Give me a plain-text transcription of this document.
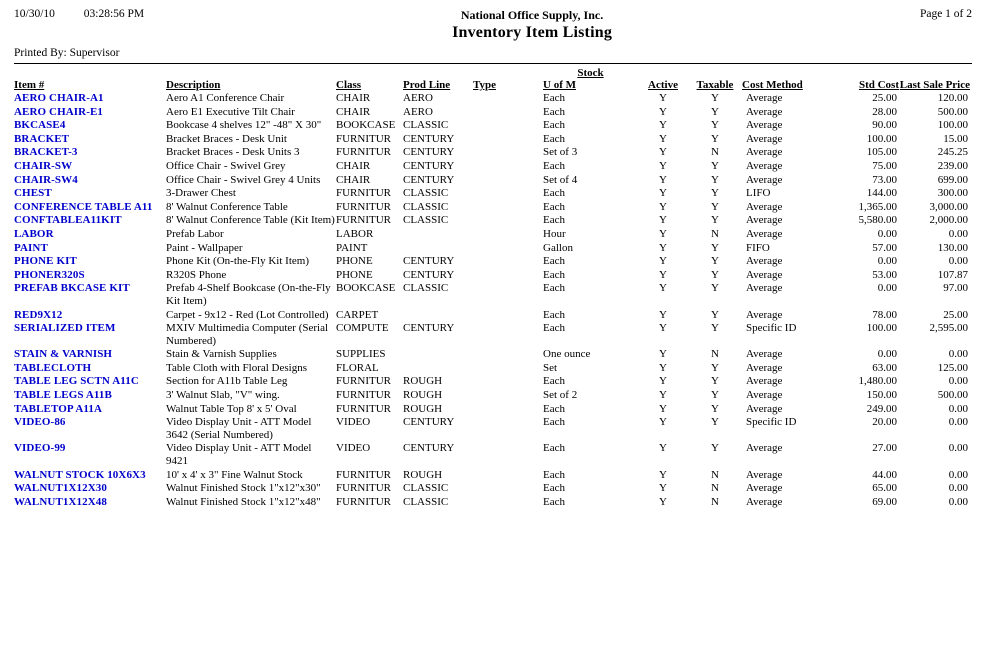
10/30/10	03:28:56 PM	National Office Supply, Inc.
Inventory Item Listing
Page 1 of 2
Printed By: Supervisor
					Stock					
Item #	Description	Class	Prod Line	Type	U of M	Active	Taxable	Cost Method	Std Cost	Last Sale Price
AERO CHAIR-A1	Aero A1 Conference Chair	CHAIR	AERO		Each	Y	Y	Average	25.00	120.00
AERO CHAIR-E1	Aero E1 Executive Tilt Chair	CHAIR	AERO		Each	Y	Y	Average	28.00	500.00
BKCASE4	Bookcase 4 shelves 12" -48" X 30"	BOOKCASE	CLASSIC		Each	Y	Y	Average	90.00	100.00
BRACKET	Bracket Braces - Desk Unit	FURNITUR	CENTURY		Each	Y	Y	Average	100.00	15.00
BRACKET-3	Bracket Braces - Desk Units 3	FURNITUR	CENTURY		Set of 3	Y	N	Average	105.00	245.25
CHAIR-SW	Office Chair - Swivel Grey	CHAIR	CENTURY		Each	Y	Y	Average	75.00	239.00
CHAIR-SW4	Office Chair - Swivel Grey 4 Units	CHAIR	CENTURY		Set of 4	Y	Y	Average	73.00	699.00
CHEST	3-Drawer Chest	FURNITUR	CLASSIC		Each	Y	Y	LIFO	144.00	300.00
CONFERENCE TABLE A11	8' Walnut Conference Table	FURNITUR	CLASSIC		Each	Y	Y	Average	1,365.00	3,000.00
CONFTABLEA11KIT	8' Walnut Conference Table (Kit Item)	FURNITUR	CLASSIC		Each	Y	Y	Average	5,580.00	2,000.00
LABOR	Prefab Labor	LABOR			Hour	Y	N	Average	0.00	0.00
PAINT	Paint - Wallpaper	PAINT			Gallon	Y	Y	FIFO	57.00	130.00
PHONE KIT	Phone Kit (On-the-Fly Kit Item)	PHONE	CENTURY		Each	Y	Y	Average	0.00	0.00
PHONER320S	R320S Phone	PHONE	CENTURY		Each	Y	Y	Average	53.00	107.87
PREFAB BKCASE KIT	Prefab 4-Shelf Bookcase (On-the-Fly Kit Item)	BOOKCASE	CLASSIC		Each	Y	Y	Average	0.00	97.00
RED9X12	Carpet - 9x12 - Red (Lot Controlled)	CARPET			Each	Y	Y	Average	78.00	25.00
SERIALIZED ITEM	MXIV Multimedia Computer (Serial Numbered)	COMPUTE	CENTURY		Each	Y	Y	Specific ID	100.00	2,595.00
STAIN & VARNISH	Stain & Varnish Supplies	SUPPLIES			One ounce	Y	N	Average	0.00	0.00
TABLECLOTH	Table Cloth with Floral Designs	FLORAL			Set	Y	Y	Average	63.00	125.00
TABLE LEG SCTN A11C	Section for A11b Table Leg	FURNITUR	ROUGH		Each	Y	Y	Average	1,480.00	0.00
TABLE LEGS A11B	3' Walnut Slab, "V" wing.	FURNITUR	ROUGH		Set of 2	Y	Y	Average	150.00	500.00
TABLETOP A11A	Walnut Table Top 8' x 5' Oval	FURNITUR	ROUGH		Each	Y	Y	Average	249.00	0.00
VIDEO-86	Video Display Unit - ATT Model 3642 (Serial Numbered)	VIDEO	CENTURY		Each	Y	Y	Specific ID	20.00	0.00
VIDEO-99	Video Display Unit - ATT Model 9421	VIDEO	CENTURY		Each	Y	Y	Average	27.00	0.00
WALNUT STOCK 10X6X3	10' x 4' x 3" Fine Walnut Stock	FURNITUR	ROUGH		Each	Y	N	Average	44.00	0.00
WALNUT1X12X30	Walnut Finished Stock 1"x12"x30"	FURNITUR	CLASSIC		Each	Y	N	Average	65.00	0.00
WALNUT1X12X48	Walnut Finished Stock 1"x12"x48"	FURNITUR	CLASSIC		Each	Y	N	Average	69.00	0.00
